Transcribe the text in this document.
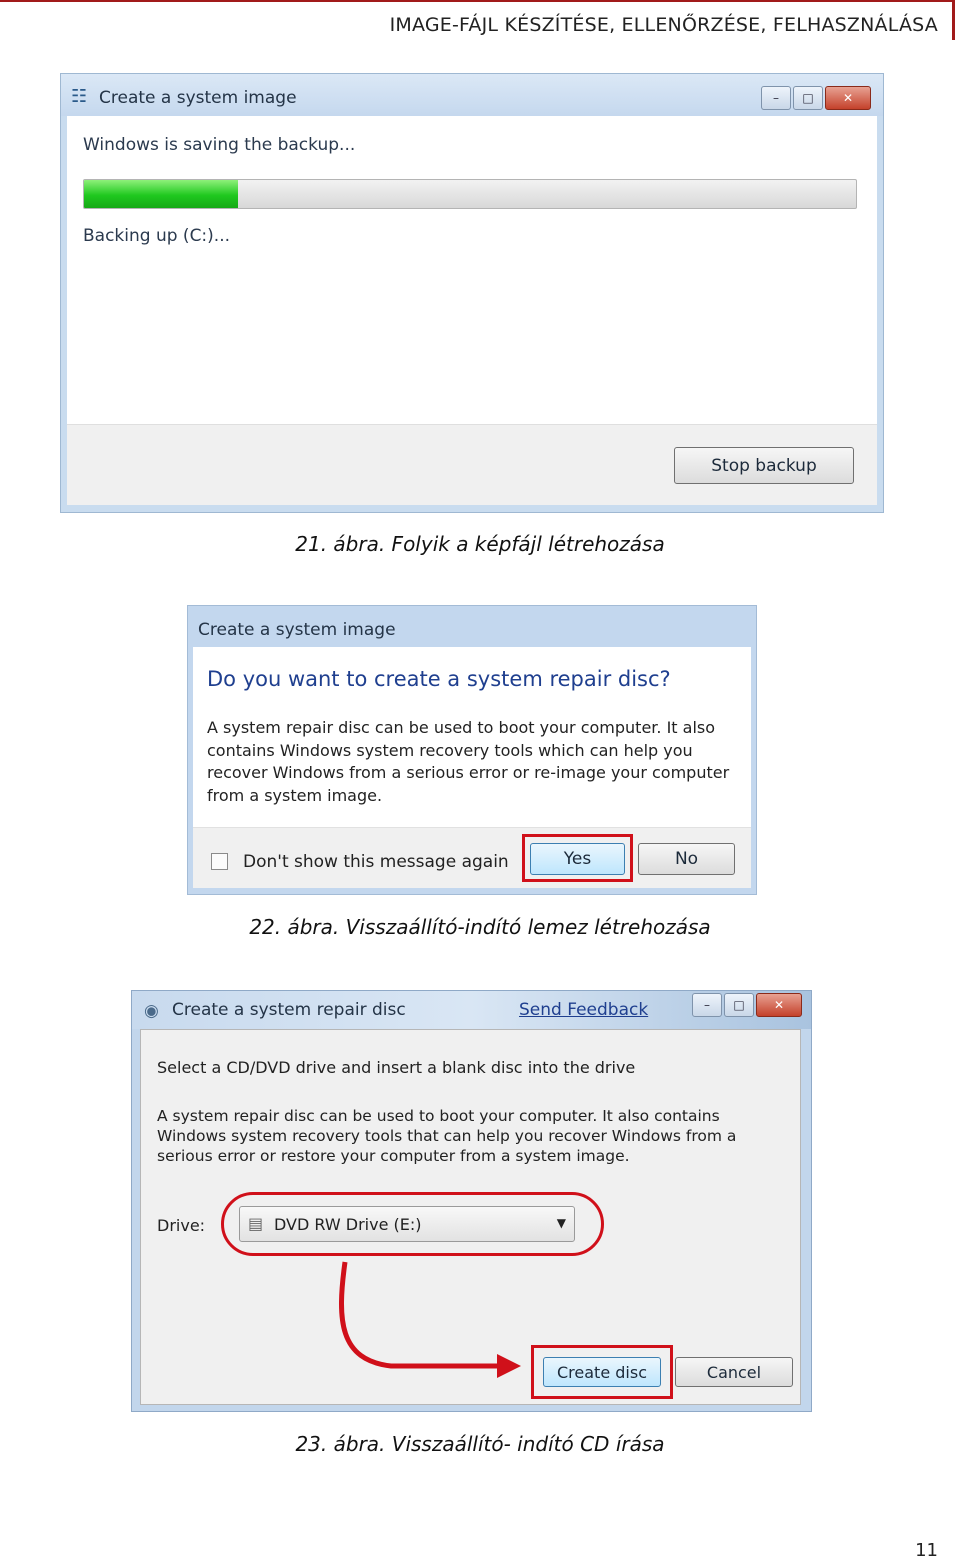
IMAGE-FÁJL KÉSZÍTÉSE, ELLENŐRZÉSE, FELHASZNÁLÁSA
☷ Create a system image	–	□	✕
Windows is saving the backup...
Backing up (C:)...
Stop backup
21. ábra. Folyik a képfájl létrehozása
Create a system image
Do you want to create a system repair disc?
A system repair disc can be used to boot your computer. It also contains Windows system recovery tools which can help you recover Windows from a serious error or re-image your computer from a system image.
Don't show this message again	Yes	No
22. ábra. Visszaállító-indító lemez létrehozása
◉ Create a system repair disc	Send Feedback	–	□	✕
Select a CD/DVD drive and insert a blank disc into the drive
A system repair disc can be used to boot your computer. It also contains Windows system recovery tools that can help you recover Windows from a serious error or restore your computer from a system image.
Drive:	▤ DVD RW Drive (E:)	▼
Create disc	Cancel
23. ábra. Visszaállító- indító CD írása
11
